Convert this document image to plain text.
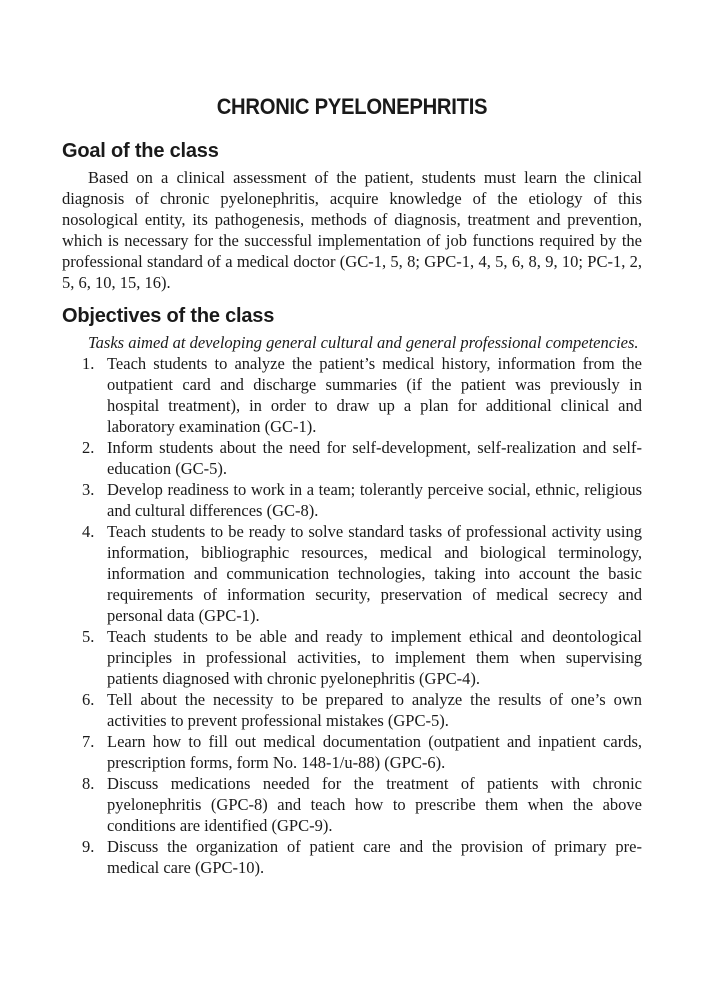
CHRONIC PYELONEPHRITIS
Goal of the class

Based on a clinical assessment of the patient, students must learn the clinical diagnosis of chronic pyelonephritis, acquire knowledge of the etiology of this nosological entity, its pathogenesis, methods of diagnosis, treatment and prevention, which is necessary for the successful implementation of job functions required by the professional standard of a medical doctor (GC-1, 5, 8; GPC-1, 4, 5, 6, 8, 9, 10; PC-1, 2, 5, 6, 10, 15, 16).

Objectives of the class

Tasks aimed at developing general cultural and general professional competencies.

1. Teach students to analyze the patient’s medical history, information from the outpatient card and discharge summaries (if the patient was previously in hospital treatment), in order to draw up a plan for additional clinical and laboratory examination (GC-1).
2. Inform students about the need for self-development, self-realization and self-education (GC-5).
3. Develop readiness to work in a team; tolerantly perceive social, ethnic, religious and cultural differences (GC-8).
4. Teach students to be ready to solve standard tasks of professional activity using information, bibliographic resources, medical and biological terminology, information and communication technologies, taking into account the basic requirements of information security, preservation of medical secrecy and personal data (GPC-1).
5. Teach students to be able and ready to implement ethical and deontological principles in professional activities, to implement them when supervising patients diagnosed with chronic pyelonephritis (GPC-4).
6. Tell about the necessity to be prepared to analyze the results of one’s own activities to prevent professional mistakes (GPC-5).
7. Learn how to fill out medical documentation (outpatient and inpatient cards, prescription forms, form No. 148-1/u-88) (GPC-6).
8. Discuss medications needed for the treatment of patients with chronic pyelonephritis (GPC-8) and teach how to prescribe them when the above conditions are identified (GPC-9).
9. Discuss the organization of patient care and the provision of primary pre-medical care (GPC-10).
